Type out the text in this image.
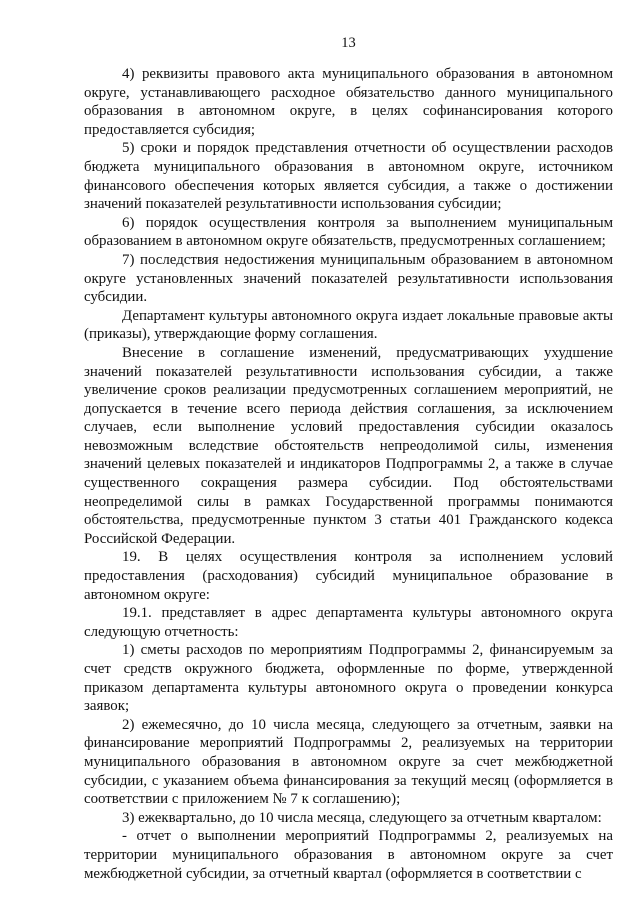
13

4) реквизиты правового акта муниципального образования в автономном округе, устанавливающего расходное обязательство данного муниципального образования в автономном округе, в целях софинансирования которого предоставляется субсидия;

5) сроки и порядок представления отчетности об осуществлении расходов бюджета муниципального образования в автономном округе, источником финансового обеспечения которых является субсидия, а также о достижении значений показателей результативности использования субсидии;

6) порядок осуществления контроля за выполнением муниципальным образованием в автономном округе обязательств, предусмотренных соглашением;

7) последствия недостижения муниципальным образованием в автономном округе установленных значений показателей результативности использования субсидии.

Департамент культуры автономного округа издает локальные правовые акты (приказы), утверждающие форму соглашения.

Внесение в соглашение изменений, предусматривающих ухудшение значений показателей результативности использования субсидии, а также увеличение сроков реализации предусмотренных соглашением мероприятий, не допускается в течение всего периода действия соглашения, за исключением случаев, если выполнение условий предоставления субсидии оказалось невозможным вследствие обстоятельств непреодолимой силы, изменения значений целевых показателей и индикаторов Подпрограммы 2, а также в случае существенного сокращения размера субсидии. Под обстоятельствами неопределимой силы в рамках Государственной программы понимаются обстоятельства, предусмотренные пунктом 3 статьи 401 Гражданского кодекса Российской Федерации.

19. В целях осуществления контроля за исполнением условий предоставления (расходования) субсидий муниципальное образование в автономном округе:

19.1. представляет в адрес департамента культуры автономного округа следующую отчетность:

1) сметы расходов по мероприятиям Подпрограммы 2, финансируемым за счет средств окружного бюджета, оформленные по форме, утвержденной приказом департамента культуры автономного округа о проведении конкурса заявок;

2) ежемесячно, до 10 числа месяца, следующего за отчетным, заявки на финансирование мероприятий Подпрограммы 2, реализуемых на территории муниципального образования в автономном округе за счет межбюджетной субсидии, с указанием объема финансирования за текущий месяц (оформляется в соответствии с приложением № 7 к соглашению);

3) ежеквартально, до 10 числа месяца, следующего за отчетным кварталом:

- отчет о выполнении мероприятий Подпрограммы 2, реализуемых на территории муниципального образования в автономном округе за счет межбюджетной субсидии, за отчетный квартал (оформляется в соответствии с
